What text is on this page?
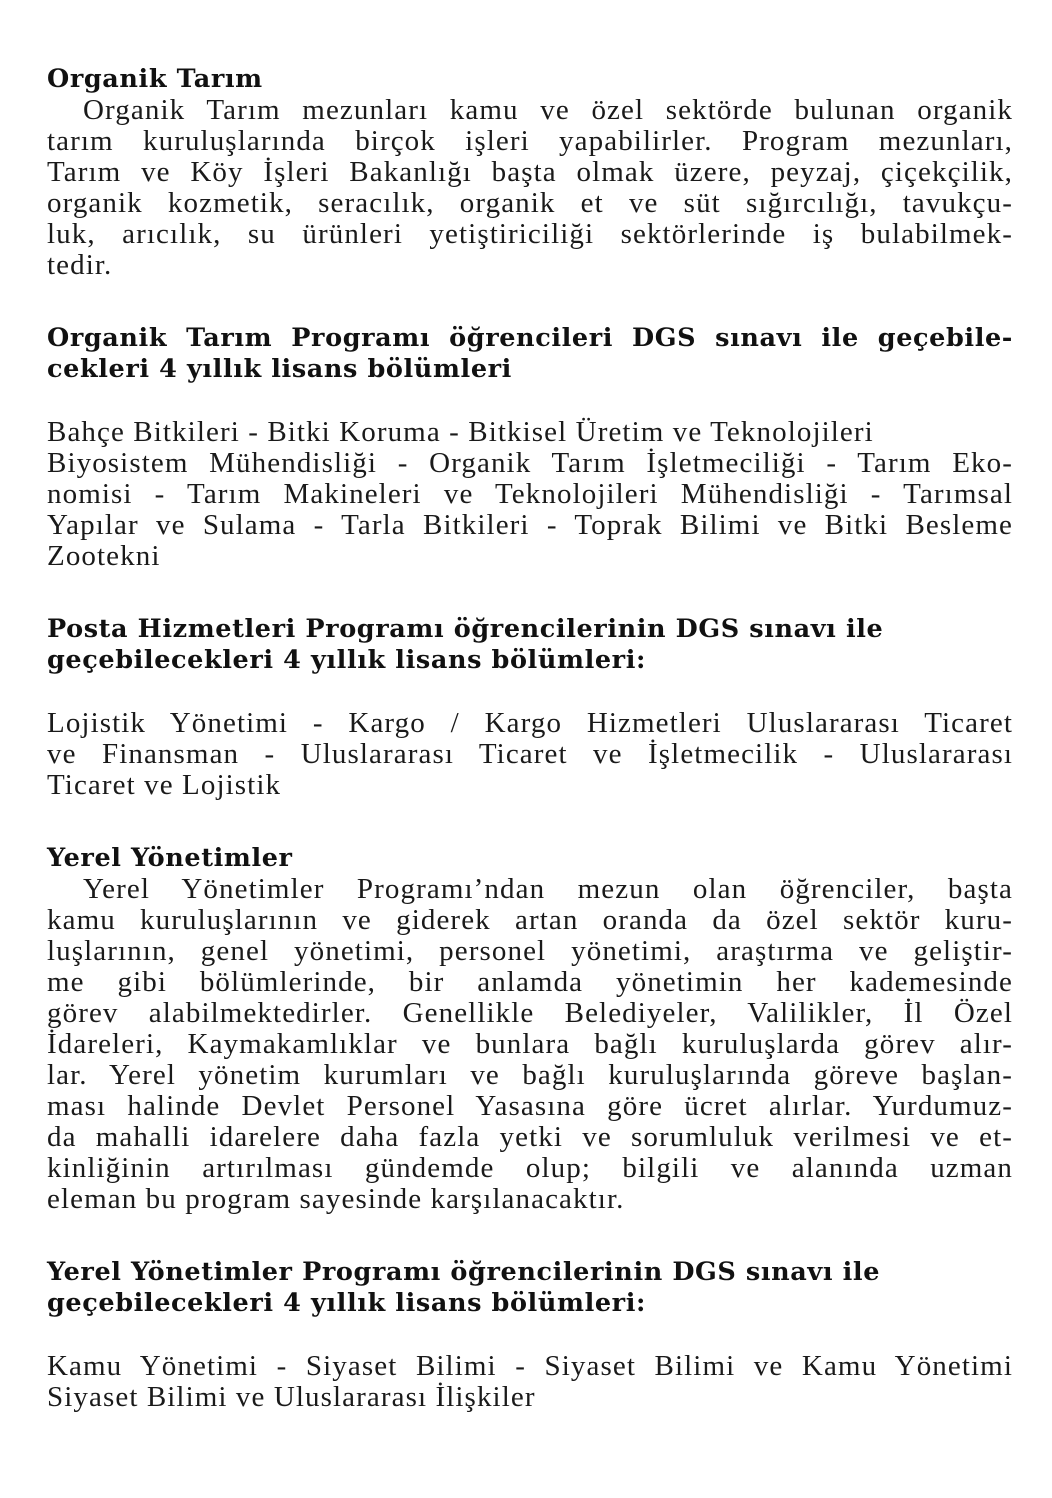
Organik Tarım
Organik Tarım mezunları kamu ve özel sektörde bulunan organik
tarım kuruluşlarında birçok işleri yapabilirler. Program mezunları,
Tarım ve Köy İşleri Bakanlığı başta olmak üzere, peyzaj, çiçekçilik,
organik kozmetik, seracılık, organik et ve süt sığırcılığı, tavukçu-
luk, arıcılık, su ürünleri yetiştiriciliği sektörlerinde iş bulabilmek-
tedir.
Organik Tarım Programı öğrencileri DGS sınavı ile geçebile-
cekleri 4 yıllık lisans bölümleri
Bahçe Bitkileri - Bitki Koruma - Bitkisel Üretim ve Teknolojileri
Biyosistem Mühendisliği - Organik Tarım İşletmeciliği - Tarım Eko-
nomisi - Tarım Makineleri ve Teknolojileri Mühendisliği - Tarımsal
Yapılar ve Sulama - Tarla Bitkileri - Toprak Bilimi ve Bitki Besleme
Zootekni
Posta Hizmetleri Programı öğrencilerinin DGS sınavı ile
geçebilecekleri 4 yıllık lisans bölümleri:
Lojistik Yönetimi - Kargo / Kargo Hizmetleri Uluslararası Ticaret
ve Finansman - Uluslararası Ticaret ve İşletmecilik - Uluslararası
Ticaret ve Lojistik
Yerel Yönetimler
Yerel Yönetimler Programı’ndan mezun olan öğrenciler, başta
kamu kuruluşlarının ve giderek artan oranda da özel sektör kuru-
luşlarının, genel yönetimi, personel yönetimi, araştırma ve geliştir-
me gibi bölümlerinde, bir anlamda yönetimin her kademesinde
görev alabilmektedirler. Genellikle Belediyeler, Valilikler, İl Özel
İdareleri, Kaymakamlıklar ve bunlara bağlı kuruluşlarda görev alır-
lar. Yerel yönetim kurumları ve bağlı kuruluşlarında göreve başlan-
ması halinde Devlet Personel Yasasına göre ücret alırlar. Yurdumuz-
da mahalli idarelere daha fazla yetki ve sorumluluk verilmesi ve et-
kinliğinin artırılması gündemde olup; bilgili ve alanında uzman
eleman bu program sayesinde karşılanacaktır.
Yerel Yönetimler Programı öğrencilerinin DGS sınavı ile
geçebilecekleri 4 yıllık lisans bölümleri:
Kamu Yönetimi - Siyaset Bilimi - Siyaset Bilimi ve Kamu Yönetimi
Siyaset Bilimi ve Uluslararası İlişkiler
